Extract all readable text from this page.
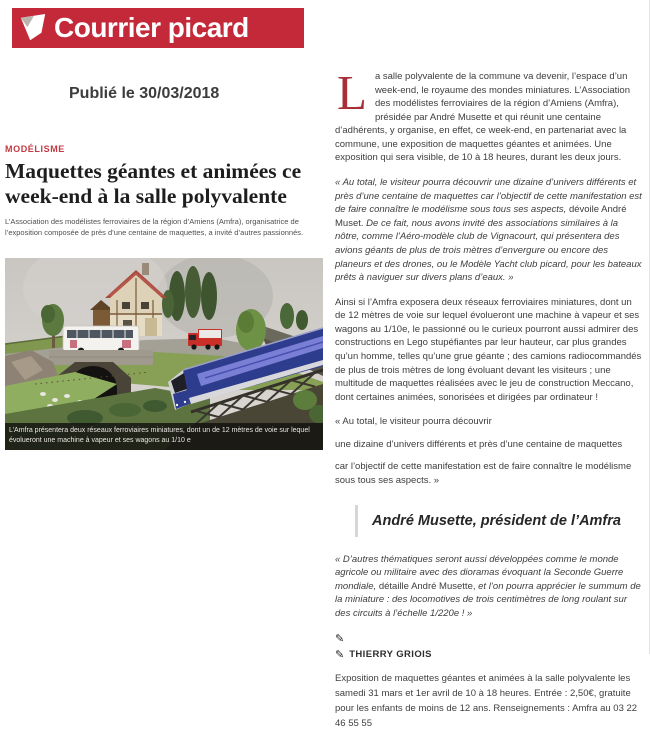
Courrier picard
Publié le 30/03/2018
MODÉLISME
Maquettes géantes et animées ce week-end à la salle polyvalente

L’Association des modélistes ferroviaires de la région d’Amiens (Amfra), organisatrice de l’exposition composée de près d’une centaine de maquettes, a invité d’autres passionnés.

L’Amfra présentera deux réseaux ferroviaires miniatures, dont un de 12 mètres de voie sur lequel évolueront une machine à vapeur et ses wagons au 1/10 e

La salle polyvalente de la commune va devenir, l’espace d’un week-end, le royaume des mondes miniatures. L’Association des modélistes ferroviaires de la région d’Amiens (Amfra), présidée par André Musette et qui réunit une centaine d’adhérents, y organise, en effet, ce week-end, en partenariat avec la commune, une exposition de maquettes géantes et animées. Une exposition qui sera visible, de 10 à 18 heures, durant les deux jours.

« Au total, le visiteur pourra découvrir une dizaine d’univers différents et près d’une centaine de maquettes car l’objectif de cette manifestation est de faire connaître le modélisme sous tous ses aspects, dévoile André Muset. De ce fait, nous avons invité des associations similaires à la nôtre, comme l’Aéro-modèle club de Vignacourt, qui présentera des avions géants de plus de trois mètres d’envergure ou encore des planeurs et des drones, ou le Modèle Yacht club picard, pour les bateaux prêts à naviguer sur divers plans d’eaux. »

Ainsi si l’Amfra exposera deux réseaux ferroviaires miniatures, dont un de 12 mètres de voie sur lequel évolueront une machine à vapeur et ses wagons au 1/10e, le passionné ou le curieux pourront aussi admirer des constructions en Lego stupéfiantes par leur hauteur, car plus grandes qu’un homme, telles qu’une grue géante ; des camions radiocommandés de plus de trois mètres de long évoluant devant les visiteurs ; une multitude de maquettes réalisées avec le jeu de construction Meccano, dont certaines animées, sonorisées et dirigées par ordinateur !

« Au total, le visiteur pourra découvrir

une dizaine d’univers différents et près d’une centaine de maquettes

car l’objectif de cette manifestation est de faire connaître le modélisme sous tous ses aspects. »

André Musette, président de l’Amfra

« D’autres thématiques seront aussi développées comme le monde agricole ou militaire avec des dioramas évoquant la Seconde Guerre mondiale, détaille André Musette, et l’on pourra apprécier le summum de la miniature : des locomotives de trois centimètres de long roulant sur des circuits à l’échelle 1/220e ! »

✎
✎ THIERRY GRIOIS

Exposition de maquettes géantes et animées à la salle polyvalente les samedi 31 mars et 1er avril de 10 à 18 heures. Entrée : 2,50€, gratuite pour les enfants de moins de 12 ans. Renseignements : Amfra au 03 22 46 55 55
